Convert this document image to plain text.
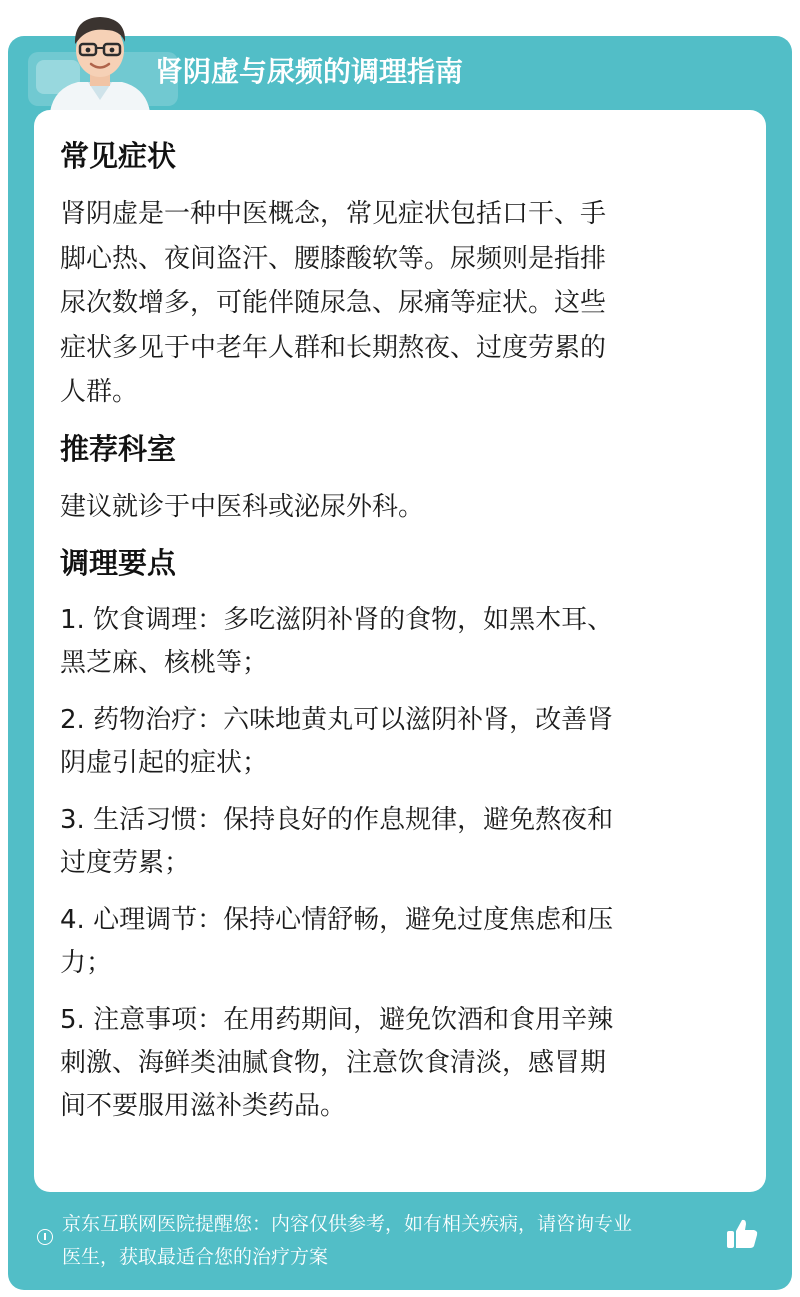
肾阴虚与尿频的调理指南
常见症状

肾阴虚是一种中医概念，常见症状包括口干、手

脚心热、夜间盗汗、腰膝酸软等。尿频则是指排

尿次数增多，可能伴随尿急、尿痛等症状。这些

症状多见于中老年人群和长期熬夜、过度劳累的

人群。

推荐科室

建议就诊于中医科或泌尿外科。

调理要点

1. 饮食调理：多吃滋阴补肾的食物，如黑木耳、

黑芝麻、核桃等；

2. 药物治疗：六味地黄丸可以滋阴补肾，改善肾

阴虚引起的症状；

3. 生活习惯：保持良好的作息规律，避免熬夜和

过度劳累；

4. 心理调节：保持心情舒畅，避免过度焦虑和压

力；

5. 注意事项：在用药期间，避免饮酒和食用辛辣

刺激、海鲜类油腻食物，注意饮食清淡，感冒期

间不要服用滋补类药品。

京东互联网医院提醒您：内容仅供参考，如有相关疾病，请咨询专业
医生，获取最适合您的治疗方案
